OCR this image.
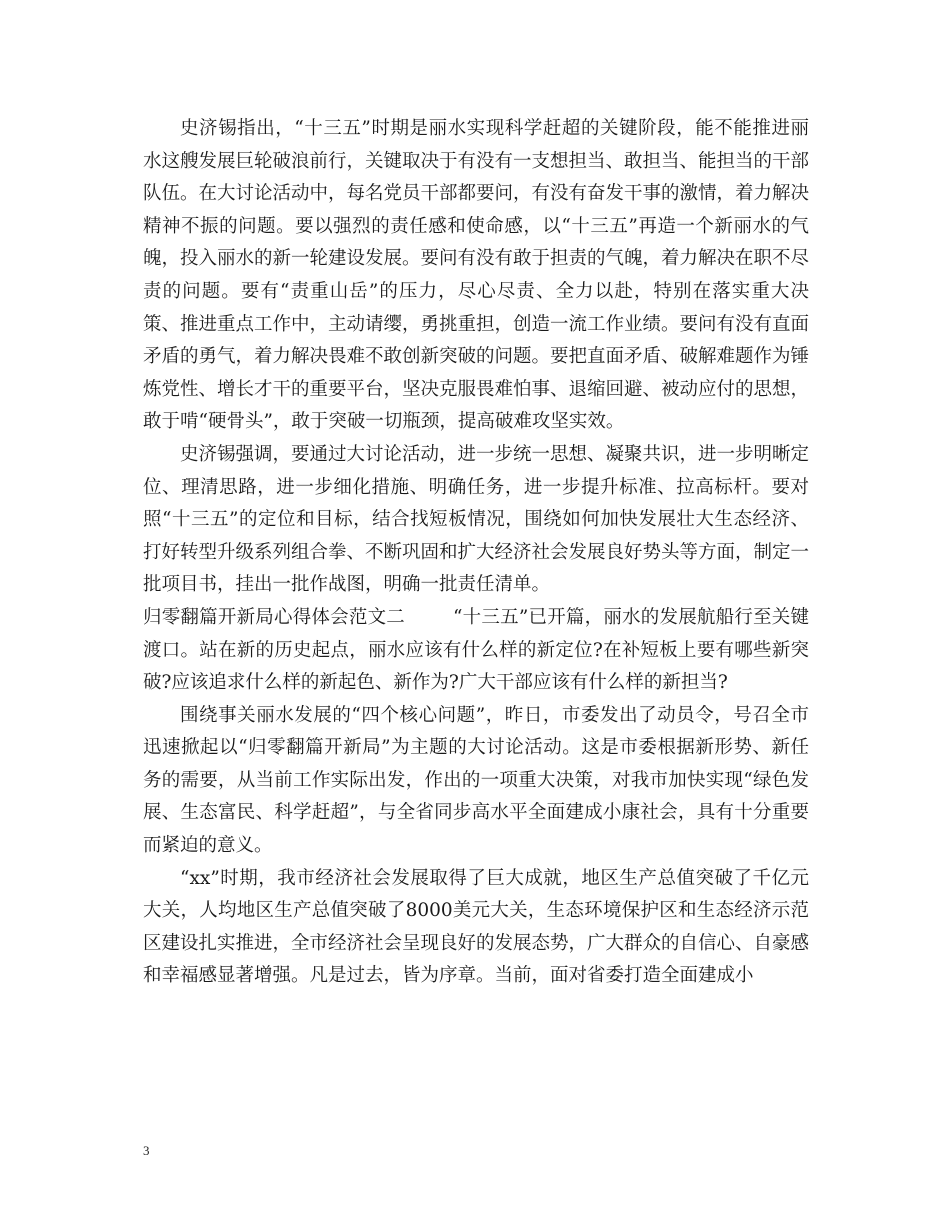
史济锡指出，“十三五”时期是丽水实现科学赶超的关键阶段，能不能推进丽水这艘发展巨轮破浪前行，关键取决于有没有一支想担当、敢担当、能担当的干部队伍。在大讨论活动中，每名党员干部都要问，有没有奋发干事的激情，着力解决精神不振的问题。要以强烈的责任感和使命感，以“十三五”再造一个新丽水的气魄，投入丽水的新一轮建设发展。要问有没有敢于担责的气魄，着力解决在职不尽责的问题。要有“责重山岳”的压力，尽心尽责、全力以赴，特别在落实重大决策、推进重点工作中，主动请缨，勇挑重担，创造一流工作业绩。要问有没有直面矛盾的勇气，着力解决畏难不敢创新突破的问题。要把直面矛盾、破解难题作为锤炼党性、增长才干的重要平台，坚决克服畏难怕事、退缩回避、被动应付的思想，敢于啃“硬骨头”，敢于突破一切瓶颈，提高破难攻坚实效。

史济锡强调，要通过大讨论活动，进一步统一思想、凝聚共识，进一步明晰定位、理清思路，进一步细化措施、明确任务，进一步提升标准、拉高标杆。要对照“十三五”的定位和目标，结合找短板情况，围绕如何加快发展壮大生态经济、打好转型升级系列组合拳、不断巩固和扩大经济社会发展良好势头等方面，制定一批项目书，挂出一批作战图，明确一批责任清单。

归零翻篇开新局心得体会范文二	“十三五”已开篇，丽水的发展航船行至关键渡口。站在新的历史起点，丽水应该有什么样的新定位?在补短板上要有哪些新突破?应该追求什么样的新起色、新作为?广大干部应该有什么样的新担当?

围绕事关丽水发展的“四个核心问题”，昨日，市委发出了动员令，号召全市迅速掀起以“归零翻篇开新局”为主题的大讨论活动。这是市委根据新形势、新任务的需要，从当前工作实际出发，作出的一项重大决策，对我市加快实现“绿色发展、生态富民、科学赶超”，与全省同步高水平全面建成小康社会，具有十分重要而紧迫的意义。

“xx”时期，我市经济社会发展取得了巨大成就，地区生产总值突破了千亿元大关，人均地区生产总值突破了8000美元大关，生态环境保护区和生态经济示范区建设扎实推进，全市经济社会呈现良好的发展态势，广大群众的自信心、自豪感和幸福感显著增强。凡是过去，皆为序章。当前，面对省委打造全面建成小

3
